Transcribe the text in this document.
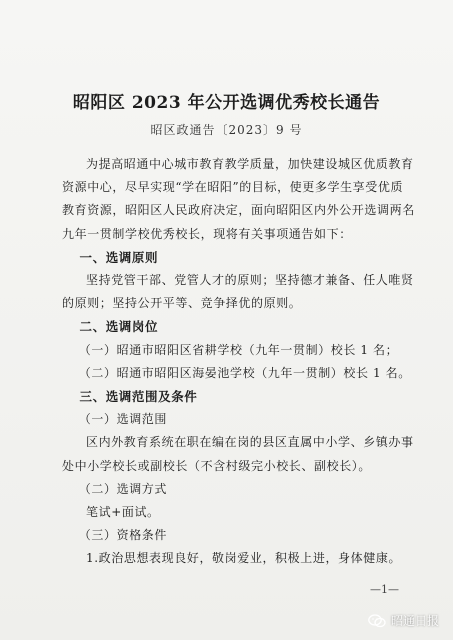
昭阳区 2023 年公开选调优秀校长通告
昭区政通告〔2023〕9 号
为提高昭通中心城市教育教学质量，加快建设城区优质教育
资源中心，尽早实现“学在昭阳”的目标，使更多学生享受优质
教育资源，昭阳区人民政府决定，面向昭阳区内外公开选调两名
九年一贯制学校优秀校长，现将有关事项通告如下：
一、选调原则
坚持党管干部、党管人才的原则；坚持德才兼备、任人唯贤
的原则；坚持公开平等、竞争择优的原则。
二、选调岗位
（一）昭通市昭阳区省耕学校（九年一贯制）校长 1 名；
（二）昭通市昭阳区海晏池学校（九年一贯制）校长 1 名。
三、选调范围及条件
（一）选调范围
区内外教育系统在职在编在岗的县区直属中小学、乡镇办事
处中小学校长或副校长（不含村级完小校长、副校长）。
（二）选调方式
笔试+面试。
（三）资格条件
1.政治思想表现良好，敬岗爱业，积极上进，身体健康。
—1—
昭通日报
